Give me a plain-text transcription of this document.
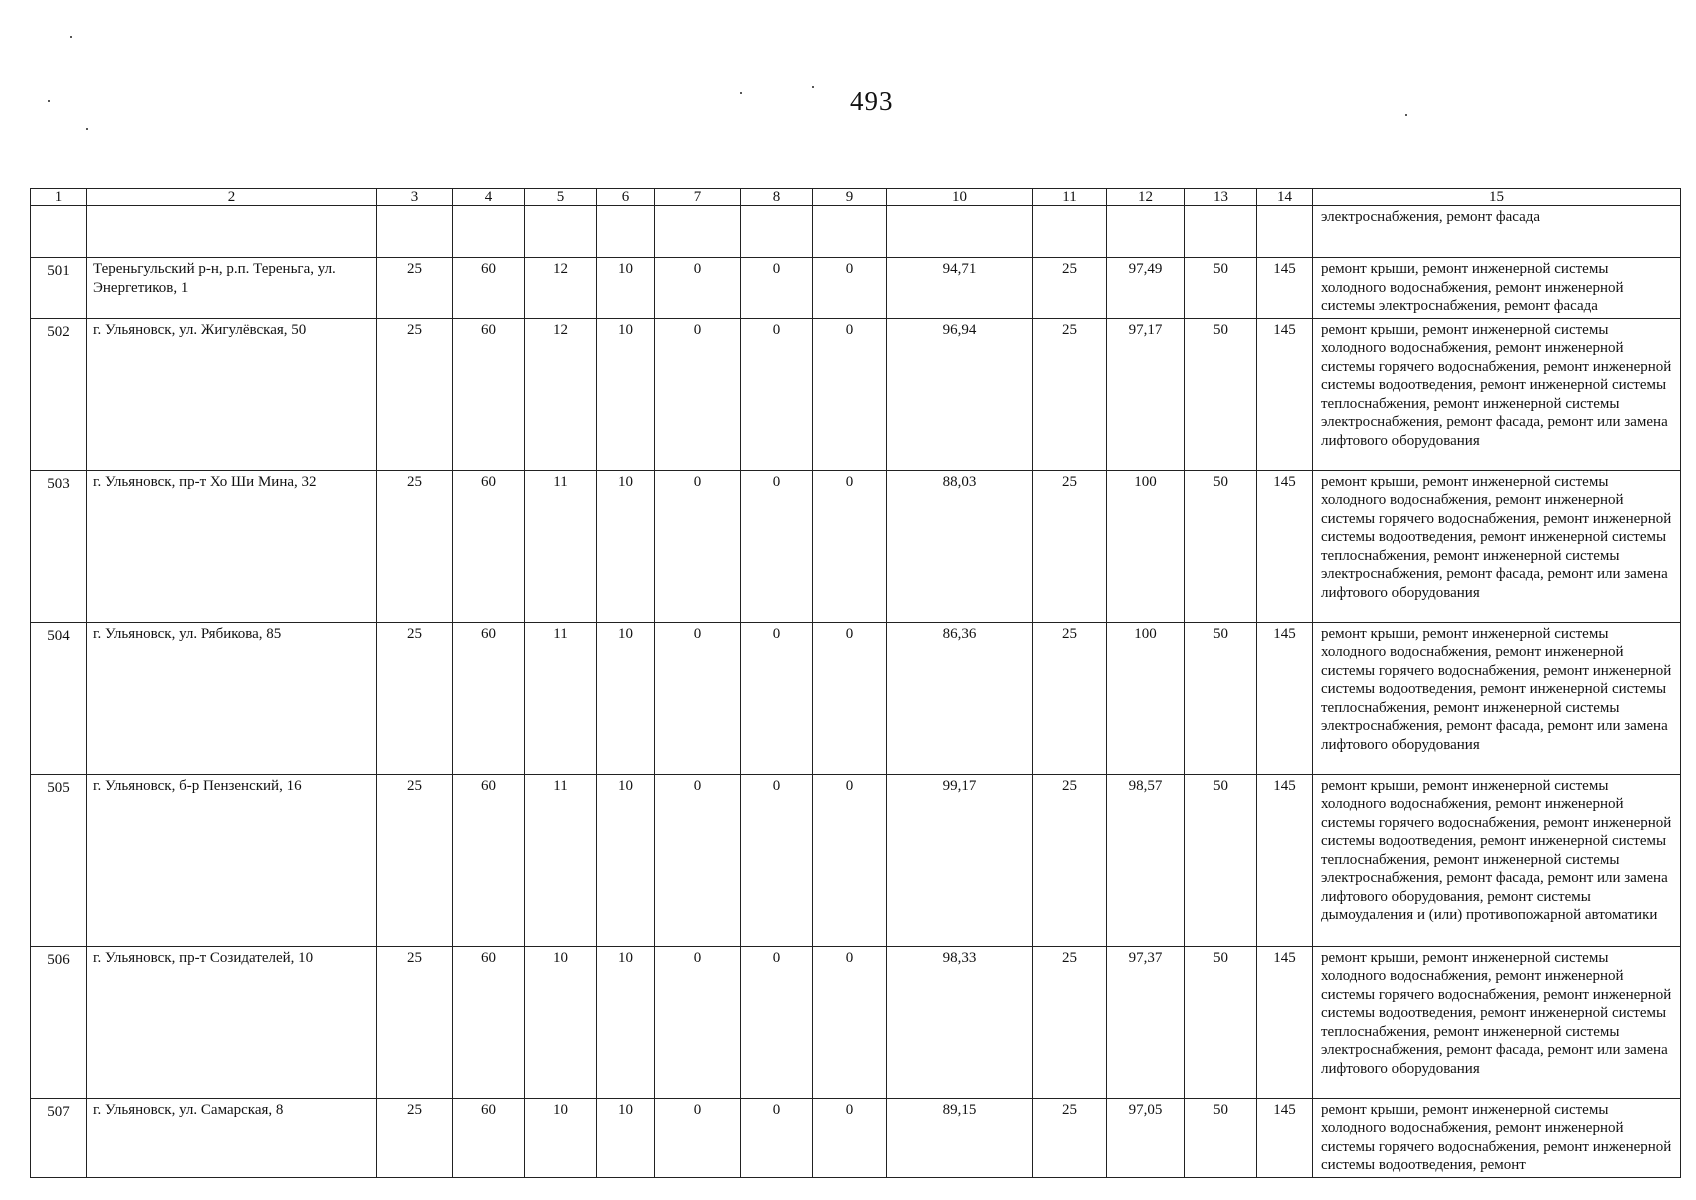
493
1	2	3	4	5	6	7	8	9	10	11	12	13	14	15
														электроснабжения, ремонт фасада
501	Тереньгульский р-н, р.п. Тереньга, ул. Энергетиков, 1	25	60	12	10	0	0	0	94,71	25	97,49	50	145	ремонт крыши, ремонт инженерной системы холодного водоснабжения, ремонт инженерной системы электроснабжения, ремонт фасада
502	г. Ульяновск, ул. Жигулёвская, 50	25	60	12	10	0	0	0	96,94	25	97,17	50	145	ремонт крыши, ремонт инженерной системы холодного водоснабжения, ремонт инженерной системы горячего водоснабжения, ремонт инженерной системы водоотведения, ремонт инженерной системы теплоснабжения, ремонт инженерной системы электроснабжения, ремонт фасада, ремонт или замена лифтового оборудования
503	г. Ульяновск, пр-т Хо Ши Мина, 32	25	60	11	10	0	0	0	88,03	25	100	50	145	ремонт крыши, ремонт инженерной системы холодного водоснабжения, ремонт инженерной системы горячего водоснабжения, ремонт инженерной системы водоотведения, ремонт инженерной системы теплоснабжения, ремонт инженерной системы электроснабжения, ремонт фасада, ремонт или замена лифтового оборудования
504	г. Ульяновск, ул. Рябикова, 85	25	60	11	10	0	0	0	86,36	25	100	50	145	ремонт крыши, ремонт инженерной системы холодного водоснабжения, ремонт инженерной системы горячего водоснабжения, ремонт инженерной системы водоотведения, ремонт инженерной системы теплоснабжения, ремонт инженерной системы электроснабжения, ремонт фасада, ремонт или замена лифтового оборудования
505	г. Ульяновск, б-р Пензенский, 16	25	60	11	10	0	0	0	99,17	25	98,57	50	145	ремонт крыши, ремонт инженерной системы холодного водоснабжения, ремонт инженерной системы горячего водоснабжения, ремонт инженерной системы водоотведения, ремонт инженерной системы теплоснабжения, ремонт инженерной системы электроснабжения, ремонт фасада, ремонт или замена лифтового оборудования, ремонт системы дымоудаления и (или) противопожарной автоматики
506	г. Ульяновск, пр-т Созидателей, 10	25	60	10	10	0	0	0	98,33	25	97,37	50	145	ремонт крыши, ремонт инженерной системы холодного водоснабжения, ремонт инженерной системы горячего водоснабжения, ремонт инженерной системы водоотведения, ремонт инженерной системы теплоснабжения, ремонт инженерной системы электроснабжения, ремонт фасада, ремонт или замена лифтового оборудования
507	г. Ульяновск, ул. Самарская, 8	25	60	10	10	0	0	0	89,15	25	97,05	50	145	ремонт крыши, ремонт инженерной системы холодного водоснабжения, ремонт инженерной системы горячего водоснабжения, ремонт инженерной системы водоотведения, ремонт
